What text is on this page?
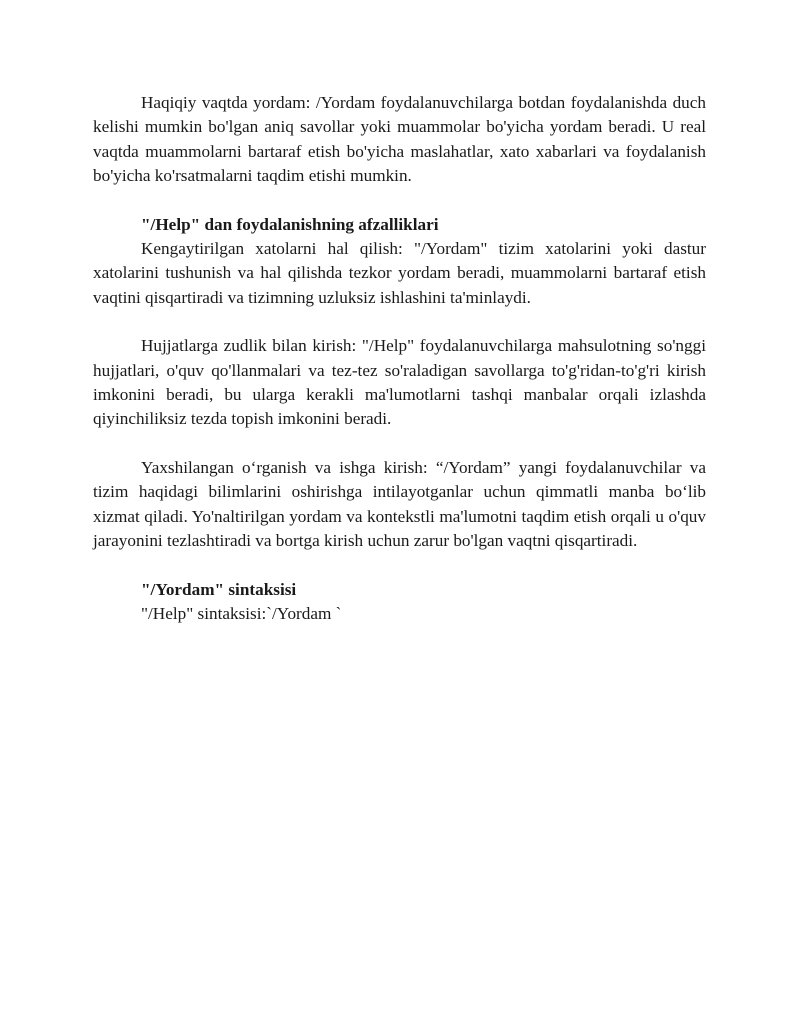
Haqiqiy vaqtda yordam: /Yordam foydalanuvchilarga botdan foydalanishda duch kelishi mumkin bo'lgan aniq savollar yoki muammolar bo'yicha yordam beradi. U real vaqtda muammolarni bartaraf etish bo'yicha maslahatlar, xato xabarlari va foydalanish bo'yicha ko'rsatmalarni taqdim etishi mumkin.

"/Help" dan foydalanishning afzalliklari

Kengaytirilgan xatolarni hal qilish: "/Yordam" tizim xatolarini yoki dastur xatolarini tushunish va hal qilishda tezkor yordam beradi, muammolarni bartaraf etish vaqtini qisqartiradi va tizimning uzluksiz ishlashini ta'minlaydi.

Hujjatlarga zudlik bilan kirish: "/Help" foydalanuvchilarga mahsulotning so'nggi hujjatlari, o'quv qo'llanmalari va tez-tez so'raladigan savollarga to'g'ridan-to'g'ri kirish imkonini beradi, bu ularga kerakli ma'lumotlarni tashqi manbalar orqali izlashda qiyinchiliksiz tezda topish imkonini beradi.

Yaxshilangan o‘rganish va ishga kirish: “/Yordam” yangi foydalanuvchilar va tizim haqidagi bilimlarini oshirishga intilayotganlar uchun qimmatli manba bo‘lib xizmat qiladi. Yo'naltirilgan yordam va kontekstli ma'lumotni taqdim etish orqali u o'quv jarayonini tezlashtiradi va bortga kirish uchun zarur bo'lgan vaqtni qisqartiradi.

"/Yordam" sintaksisi

"/Help" sintaksisi:`/Yordam `
